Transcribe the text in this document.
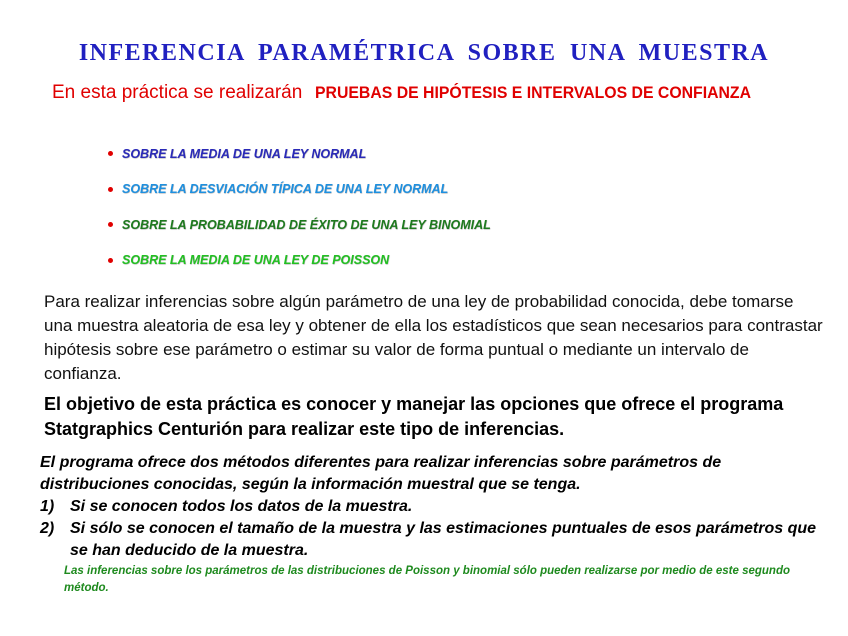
INFERENCIA PARAMÉTRICA SOBRE UNA MUESTRA
En esta práctica se realizarán PRUEBAS DE HIPÓTESIS E INTERVALOS DE CONFIANZA
SOBRE LA MEDIA DE UNA LEY NORMAL
SOBRE LA DESVIACIÓN TÍPICA DE UNA LEY NORMAL
SOBRE LA PROBABILIDAD DE ÉXITO DE UNA LEY BINOMIAL
SOBRE LA MEDIA DE UNA LEY DE POISSON

Para realizar inferencias sobre algún parámetro de una ley de probabilidad conocida, debe tomarse una muestra aleatoria de esa ley y obtener de ella los estadísticos que sean necesarios para contrastar hipótesis sobre ese parámetro o estimar su valor de forma puntual o mediante un intervalo de confianza.

El objetivo de esta práctica es conocer y manejar las opciones que ofrece el programa Statgraphics Centurión para realizar este tipo de inferencias.

El programa ofrece dos métodos diferentes para realizar inferencias sobre parámetros de distribuciones conocidas, según la información muestral que se tenga.
1) Si se conocen todos los datos de la muestra.
2) Si sólo se conocen el tamaño de la muestra y las estimaciones puntuales de esos parámetros que se han deducido de la muestra.

Las inferencias sobre los parámetros de las distribuciones de Poisson y binomial sólo pueden realizarse por medio de este segundo método.
